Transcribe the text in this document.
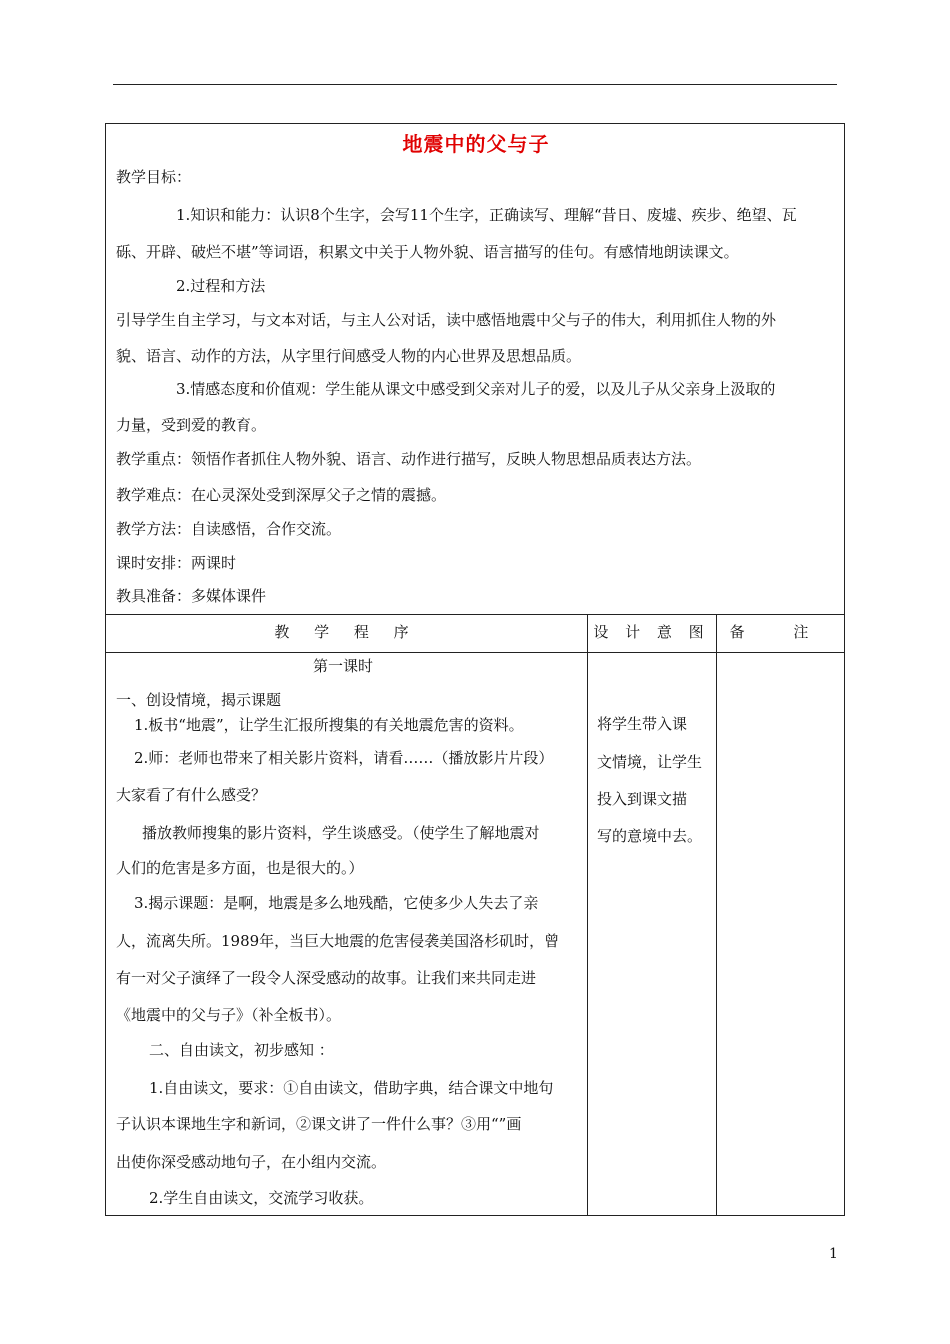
地震中的父与子
教学目标：
1.知识和能力：认识8个生字，会写11个生字，正确读写、理解“昔日、废墟、疾步、绝望、瓦
砾、开辟、破烂不堪”等词语，积累文中关于人物外貌、语言描写的佳句。有感情地朗读课文。
2.过程和方法
引导学生自主学习，与文本对话，与主人公对话，读中感悟地震中父与子的伟大，利用抓住人物的外
貌、语言、动作的方法，从字里行间感受人物的内心世界及思想品质。
3.情感态度和价值观：学生能从课文中感受到父亲对儿子的爱，以及儿子从父亲身上汲取的
力量，受到爱的教育。
教学重点：领悟作者抓住人物外貌、语言、动作进行描写，反映人物思想品质表达方法。
教学难点：在心灵深处受到深厚父子之情的震撼。
教学方法：自读感悟，合作交流。
课时安排：两课时
教具准备：多媒体课件
教 学 程 序	设 计 意 图	备 注
第一课时
一、创设情境，揭示课题
1.板书“地震”，让学生汇报所搜集的有关地震危害的资料。
2.师：老师也带来了相关影片资料，请看……（播放影片片段）
大家看了有什么感受？
播放教师搜集的影片资料，学生谈感受。（使学生了解地震对
人们的危害是多方面，也是很大的。）
3.揭示课题：是啊，地震是多么地残酷，它使多少人失去了亲
人，流离失所。1989年，当巨大地震的危害侵袭美国洛杉矶时，曾
有一对父子演绎了一段令人深受感动的故事。让我们来共同走进
《地震中的父与子》（补全板书）。
二、自由读文，初步感知 ：
1.自由读文，要求：①自由读文，借助字典，结合课文中地句
子认识本课地生字和新词，②课文讲了一件什么事？③用“”画
出使你深受感动地句子，在小组内交流。
2.学生自由读文，交流学习收获。
将学生带入课
文情境，让学生
投入到课文描
写的意境中去。
1
